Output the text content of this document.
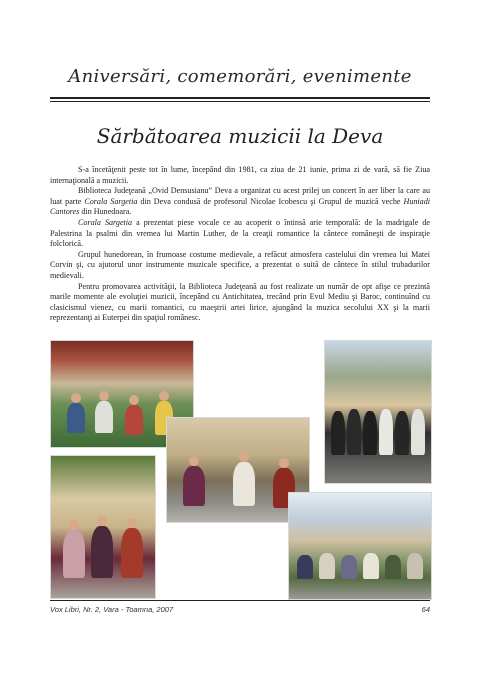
Aniversări, comemorări, evenimente
Sărbătoarea muzicii la Deva

S-a încetăţenit peste tot în lume, începând din 1981, ca ziua de 21 iunie, prima zi de vară, să fie Ziua internaţională a muzicii.

Biblioteca Judeţeană „Ovid Densusianu” Deva a organizat cu acest prilej un concert în aer liber la care au luat parte Corala Sargetia din Deva condusă de profesorul Nicolae Icobescu şi Grupul de muzică veche Huniadi Cantores din Hunedoara.

Corala Sargetia a prezentat piese vocale ce au acoperit o întinsă arie temporală: de la madrigale de Palestrina la psalmi din vremea lui Martin Luther, de la creaţii romantice la cântece româneşti de inspiraţie folclorică.

Grupul hunedorean, în frumoase costume medievale, a refăcut atmosfera castelului din vremea lui Matei Corvin şi, cu ajutorul unor instrumente muzicale specifice, a prezentat o suită de cântece în stilul trubadurilor medievali.

Pentru promovarea activităţii, la Biblioteca Judeţeană au fost realizate un număr de opt afişe ce prezintă marile momente ale evoluţiei muzicii, începând cu Antichitatea, trecând prin Evul Mediu şi Baroc, continuînd cu clasicismul vienez, cu marii romantici, cu maeştrii artei lirice, ajungând la muzica secolului XX şi la marii reprezentanţi ai Euterpei din spaţiul românesc.

Vox Libri, Nr. 2, Vara - Toamna, 2007	64
